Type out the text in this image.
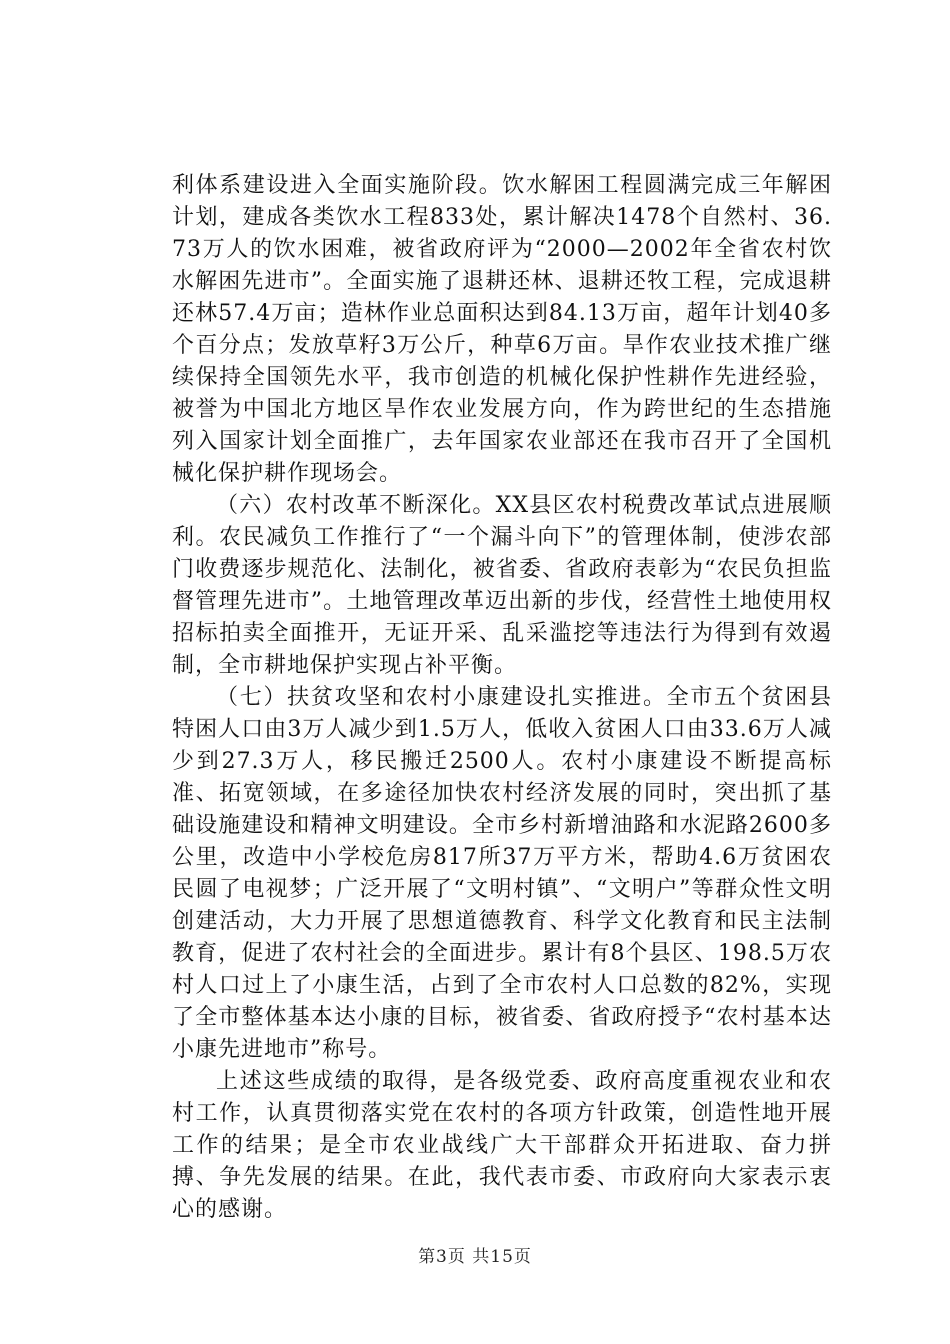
利体系建设进入全面实施阶段。饮水解困工程圆满完成三年解困计划，建成各类饮水工程833处，累计解决1478个自然村、36.73万人的饮水困难，被省政府评为“2000—2002年全省农村饮水解困先进市”。全面实施了退耕还林、退耕还牧工程，完成退耕还林57.4万亩；造林作业总面积达到84.13万亩，超年计划40多个百分点；发放草籽3万公斤，种草6万亩。旱作农业技术推广继续保持全国领先水平，我市创造的机械化保护性耕作先进经验，被誉为中国北方地区旱作农业发展方向，作为跨世纪的生态措施列入国家计划全面推广，去年国家农业部还在我市召开了全国机械化保护耕作现场会。

（六）农村改革不断深化。XX县区农村税费改革试点进展顺利。农民减负工作推行了“一个漏斗向下”的管理体制，使涉农部门收费逐步规范化、法制化，被省委、省政府表彰为“农民负担监督管理先进市”。土地管理改革迈出新的步伐，经营性土地使用权招标拍卖全面推开，无证开采、乱采滥挖等违法行为得到有效遏制，全市耕地保护实现占补平衡。

（七）扶贫攻坚和农村小康建设扎实推进。全市五个贫困县特困人口由3万人减少到1.5万人，低收入贫困人口由33.6万人减少到27.3万人，移民搬迁2500人。农村小康建设不断提高标准、拓宽领域，在多途径加快农村经济发展的同时，突出抓了基础设施建设和精神文明建设。全市乡村新增油路和水泥路2600多公里，改造中小学校危房817所37万平方米，帮助4.6万贫困农民圆了电视梦；广泛开展了“文明村镇”、“文明户”等群众性文明创建活动，大力开展了思想道德教育、科学文化教育和民主法制教育，促进了农村社会的全面进步。累计有8个县区、198.5万农村人口过上了小康生活，占到了全市农村人口总数的82%，实现了全市整体基本达小康的目标，被省委、省政府授予“农村基本达小康先进地市”称号。

上述这些成绩的取得，是各级党委、政府高度重视农业和农村工作，认真贯彻落实党在农村的各项方针政策，创造性地开展工作的结果；是全市农业战线广大干部群众开拓进取、奋力拼搏、争先发展的结果。在此，我代表市委、市政府向大家表示衷心的感谢。

第3页 共15页
